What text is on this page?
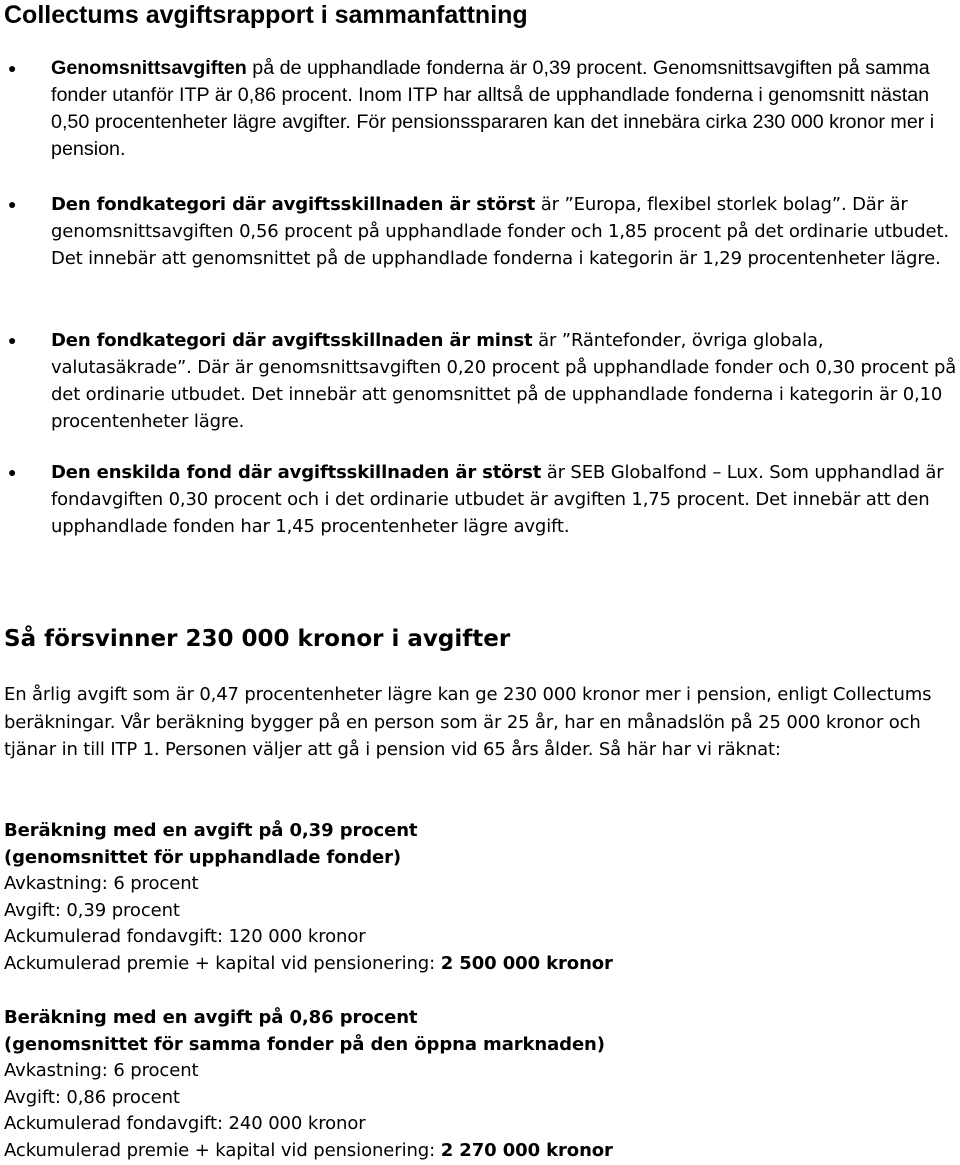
Collectums avgiftsrapport i sammanfattning
● Genomsnittsavgiften på de upphandlade fonderna är 0,39 procent. Genomsnittsavgiften på samma fonder utanför ITP är 0,86 procent. Inom ITP har alltså de upphandlade fonderna i genomsnitt nästan 0,50 procentenheter lägre avgifter. För pensionsspararen kan det innebära cirka 230 000 kronor mer i pension.
● Den fondkategori där avgiftsskillnaden är störst är ”Europa, flexibel storlek bolag”. Där är genomsnittsavgiften 0,56 procent på upphandlade fonder och 1,85 procent på det ordinarie utbudet. Det innebär att genomsnittet på de upphandlade fonderna i kategorin är 1,29 procentenheter lägre.
● Den fondkategori där avgiftsskillnaden är minst är ”Räntefonder, övriga globala, valutasäkrade”. Där är genomsnittsavgiften 0,20 procent på upphandlade fonder och 0,30 procent på det ordinarie utbudet. Det innebär att genomsnittet på de upphandlade fonderna i kategorin är 0,10 procentenheter lägre.
● Den enskilda fond där avgiftsskillnaden är störst är SEB Globalfond – Lux. Som upphandlad är fondavgiften 0,30 procent och i det ordinarie utbudet är avgiften 1,75 procent. Det innebär att den upphandlade fonden har 1,45 procentenheter lägre avgift.
Så försvinner 230 000 kronor i avgifter

En årlig avgift som är 0,47 procentenheter lägre kan ge 230 000 kronor mer i pension, enligt Collectums beräkningar. Vår beräkning bygger på en person som är 25 år, har en månadslön på 25 000 kronor och tjänar in till ITP 1. Personen väljer att gå i pension vid 65 års ålder. Så här har vi räknat:

Beräkning med en avgift på 0,39 procent
(genomsnittet för upphandlade fonder)
Avkastning: 6 procent
Avgift: 0,39 procent
Ackumulerad fondavgift: 120 000 kronor
Ackumulerad premie + kapital vid pensionering: 2 500 000 kronor
Beräkning med en avgift på 0,86 procent
(genomsnittet för samma fonder på den öppna marknaden)
Avkastning: 6 procent
Avgift: 0,86 procent
Ackumulerad fondavgift: 240 000 kronor
Ackumulerad premie + kapital vid pensionering: 2 270 000 kronor
